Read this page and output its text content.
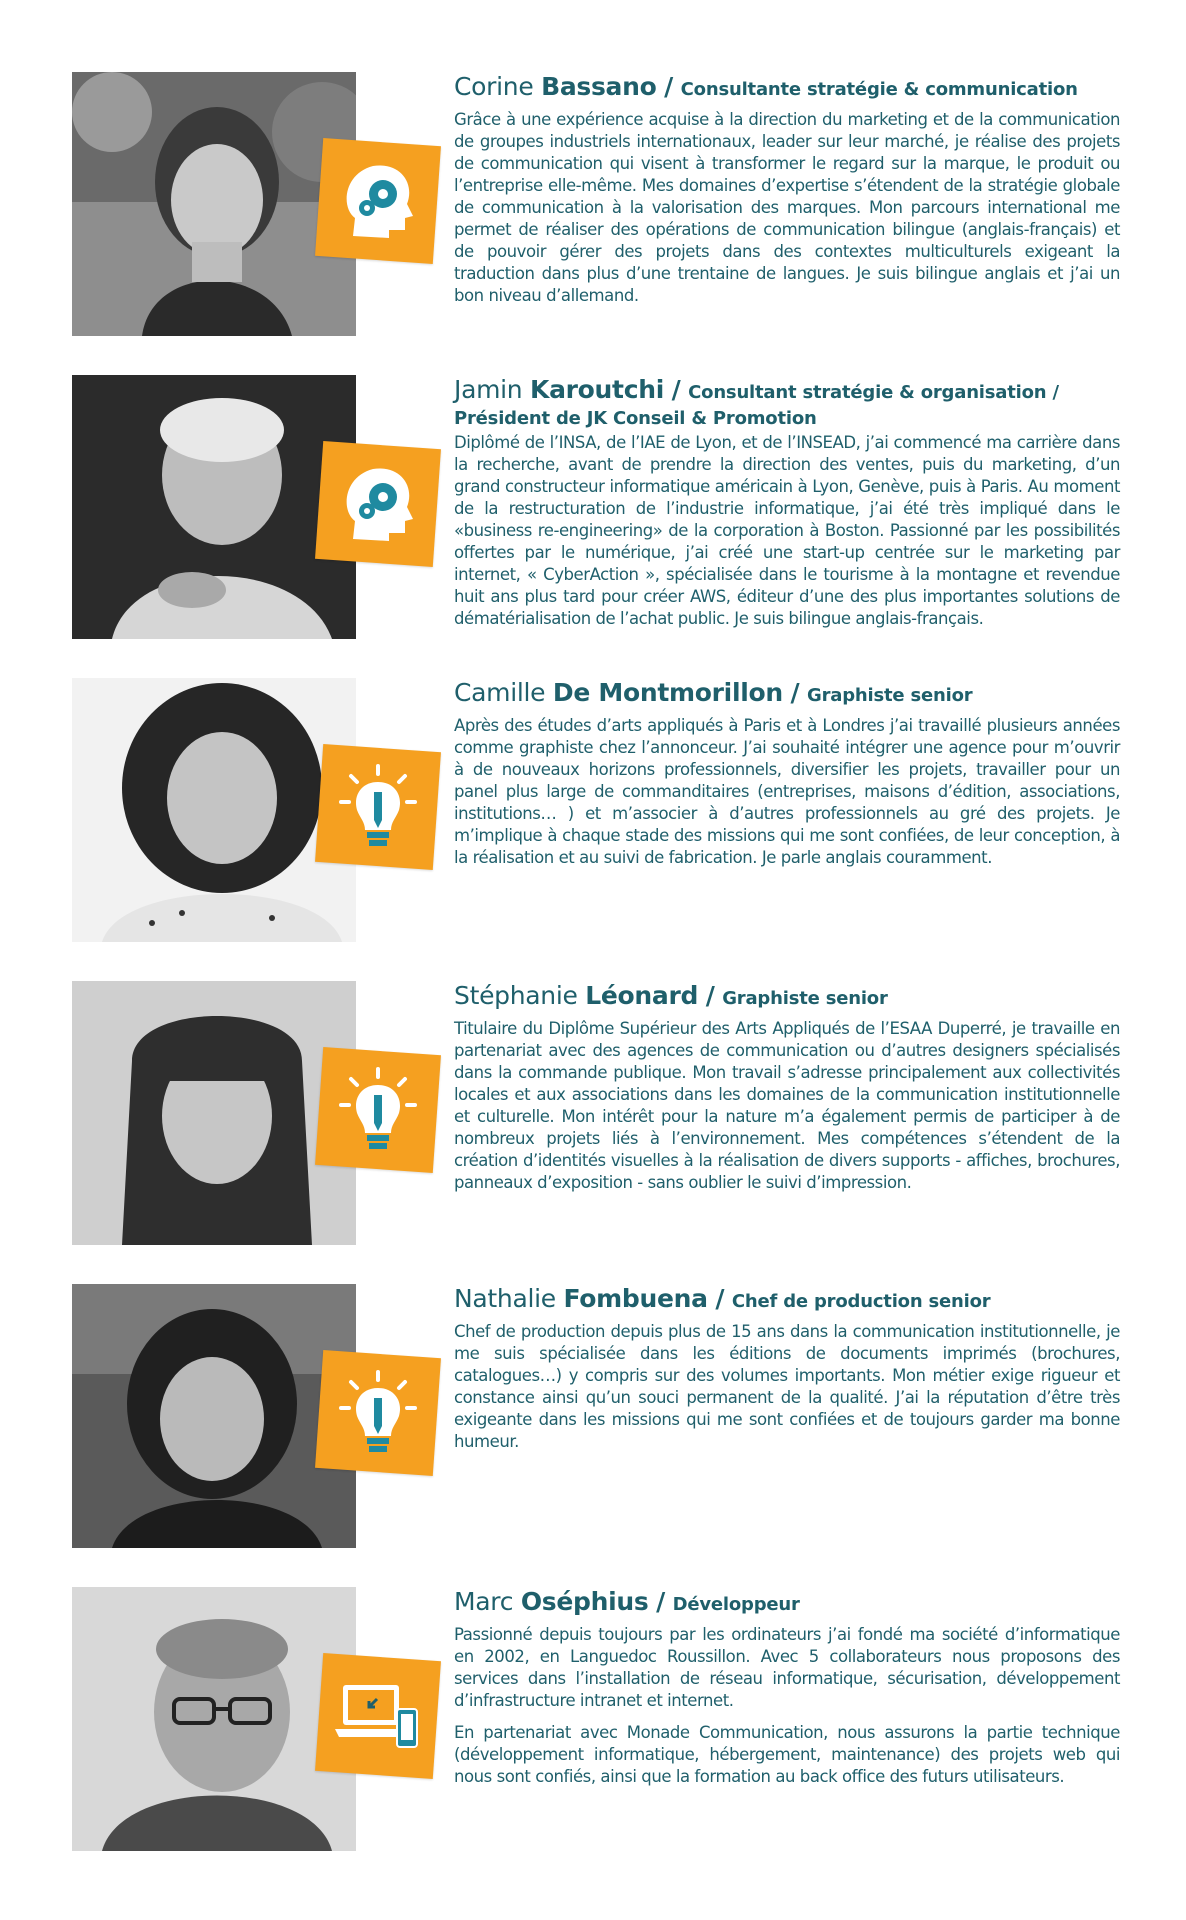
Corine Bassano / Consultante stratégie & communication

Grâce à une expérience acquise à la direction du marketing et de la communication de groupes industriels internationaux, leader sur leur marché, je réalise des projets de communication qui visent à transformer le regard sur la marque, le produit ou l’entreprise elle-même. Mes domaines d’expertise s’étendent de la stratégie globale de communication à la valorisation des marques. Mon parcours international me permet de réaliser des opérations de communication bilingue (anglais-français) et de pouvoir gérer des projets dans des contextes multiculturels exigeant la traduction dans plus d’une trentaine de langues. Je suis bilingue anglais et j’ai un bon niveau d’allemand.

Jamin Karoutchi / Consultant stratégie & organisation /
Président de JK Conseil & Promotion

Diplômé de l’INSA, de l’IAE de Lyon, et de l’INSEAD, j’ai commencé ma carrière dans la recherche, avant de prendre la direction des ventes, puis du marketing, d’un grand constructeur informatique américain à Lyon, Genève, puis à Paris. Au moment de la restructuration de l’industrie informatique, j’ai été très impliqué dans le «business re-engineering» de la corporation à Boston. Passionné par les possibilités offertes par le numérique, j’ai créé une start-up centrée sur le marketing par internet, « CyberAction », spécialisée dans le tourisme à la montagne et revendue huit ans plus tard pour créer AWS, éditeur d’une des plus importantes solutions de dématérialisation de l’achat public. Je suis bilingue anglais-français.

Camille De Montmorillon / Graphiste senior

Après des études d’arts appliqués à Paris et à Londres j’ai travaillé plusieurs années comme graphiste chez l’annonceur. J’ai souhaité intégrer une agence pour m’ouvrir à de nouveaux horizons professionnels, diversifier les projets, travailler pour un panel plus large de commanditaires (entreprises, maisons d’édition, associations, institutions… ) et m’associer à d’autres professionnels au gré des projets. Je m’implique à chaque stade des missions qui me sont confiées, de leur conception, à la réalisation et au suivi de fabrication. Je parle anglais couramment.

Stéphanie Léonard / Graphiste senior

Titulaire du Diplôme Supérieur des Arts Appliqués de l’ESAA Duperré, je travaille en partenariat avec des agences de communication ou d’autres designers spécialisés dans la commande publique. Mon travail s’adresse principalement aux collectivités locales et aux associations dans les domaines de la communication institutionnelle et culturelle. Mon intérêt pour la nature m’a également permis de participer à de nombreux projets liés à l’environnement. Mes compétences s’étendent de la création d’identités visuelles à la réalisation de divers supports - affiches, brochures, panneaux d’exposition - sans oublier le suivi d’impression.

Nathalie Fombuena / Chef de production senior

Chef de production depuis plus de 15 ans dans la communication institutionnelle, je me suis spécialisée dans les éditions de documents imprimés (brochures, catalogues…) y compris sur des volumes importants. Mon métier exige rigueur et constance ainsi qu’un souci permanent de la qualité. J’ai la réputation d’être très exigeante dans les missions qui me sont confiées et de toujours garder ma bonne humeur.

Marc Oséphius / Développeur

Passionné depuis toujours par les ordinateurs j’ai fondé ma société d’informatique en 2002, en Languedoc Roussillon. Avec 5 collaborateurs nous proposons des services dans l’installation de réseau informatique, sécurisation, développement d’infrastructure intranet et internet.

En partenariat avec Monade Communication, nous assurons la partie technique (développement informatique, hébergement, maintenance) des projets web qui nous sont confiés, ainsi que la formation au back office des futurs utilisateurs.
